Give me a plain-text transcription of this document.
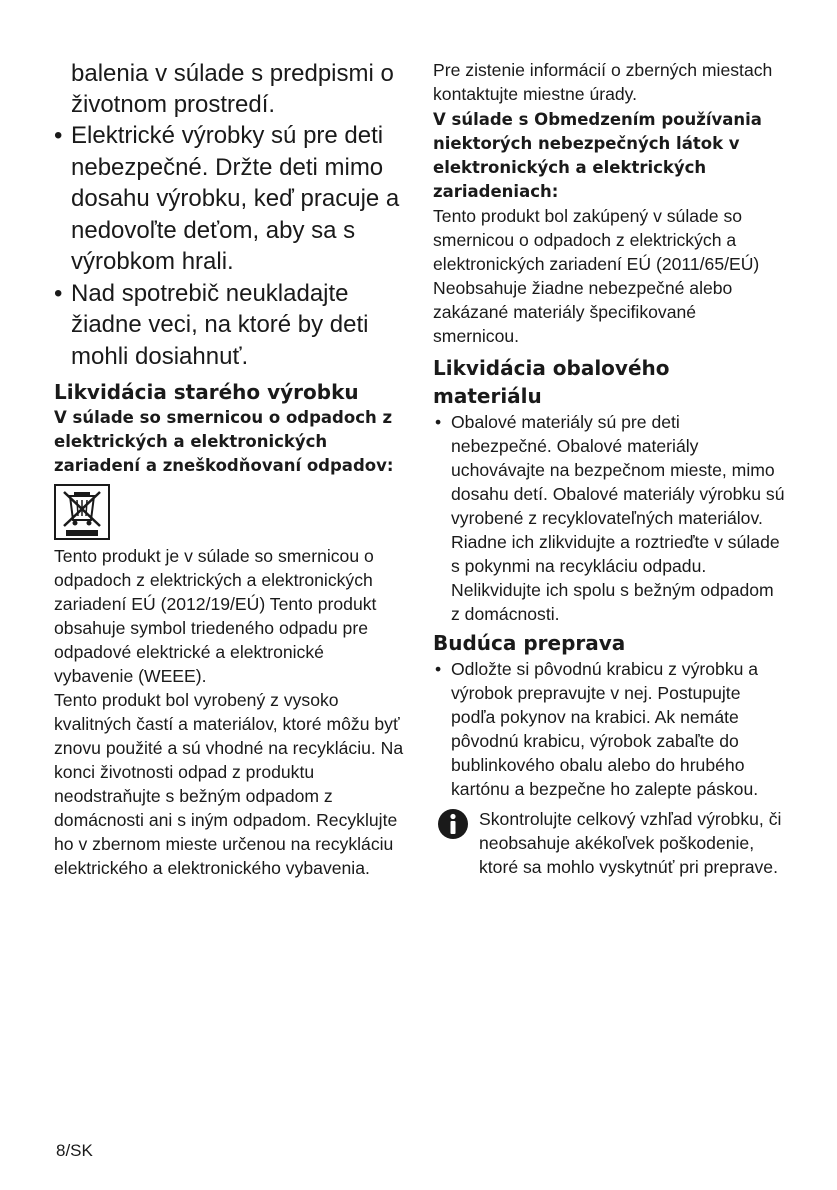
balenia v súlade s predpismi o životnom prostredí.

• Elektrické výrobky sú pre deti nebezpečné. Držte deti mimo dosahu výrobku, keď pracuje a nedovoľte deťom, aby sa s výrobkom hrali.
• Nad spotrebič neukladajte žiadne veci, na ktoré by deti mohli dosiahnuť.
Likvidácia starého výrobku
V súlade so smernicou o odpadoch z elektrických a elektronických zariadení a zneškodňovaní odpadov:

Tento produkt je v súlade so smernicou o odpadoch z elektrických a elektronických zariadení EÚ (2012/19/EÚ) Tento produkt obsahuje symbol triedeného odpadu pre odpadové elektrické a elektronické vybavenie (WEEE).

Tento produkt bol vyrobený z vysoko kvalitných častí a materiálov, ktoré môžu byť znovu použité a sú vhodné na recykláciu. Na konci životnosti odpad z produktu neodstraňujte s bežným odpadom z domácnosti ani s iným odpadom. Recyklujte ho v zbernom mieste určenou na recykláciu elektrického a elektronického vybavenia.

Pre zistenie informácií o zberných miestach kontaktujte miestne úrady.

V súlade s Obmedzením používania niektorých nebezpečných látok v elektronických a elektrických zariadeniach:

Tento produkt bol zakúpený v súlade so smernicou o odpadoch z elektrických a elektronických zariadení EÚ (2011/65/EÚ) Neobsahuje žiadne nebezpečné alebo zakázané materiály špecifikované smernicou.

Likvidácia obalového materiálu
• Obalové materiály sú pre deti nebezpečné. Obalové materiály uchovávajte na bezpečnom mieste, mimo dosahu detí. Obalové materiály výrobku sú vyrobené z recyklovateľných materiálov. Riadne ich zlikvidujte a roztrieďte v súlade s pokynmi na recykláciu odpadu. Nelikvidujte ich spolu s bežným odpadom z domácnosti.
Budúca preprava
• Odložte si pôvodnú krabicu z výrobku a výrobok prepravujte v nej. Postupujte podľa pokynov na krabici. Ak nemáte pôvodnú krabicu, výrobok zabaľte do bublinkového obalu alebo do hrubého kartónu a bezpečne ho zalepte páskou.

Skontrolujte celkový vzhľad výrobku, či neobsahuje akékoľvek poškodenie, ktoré sa mohlo vyskytnúť pri preprave.

8/SK
